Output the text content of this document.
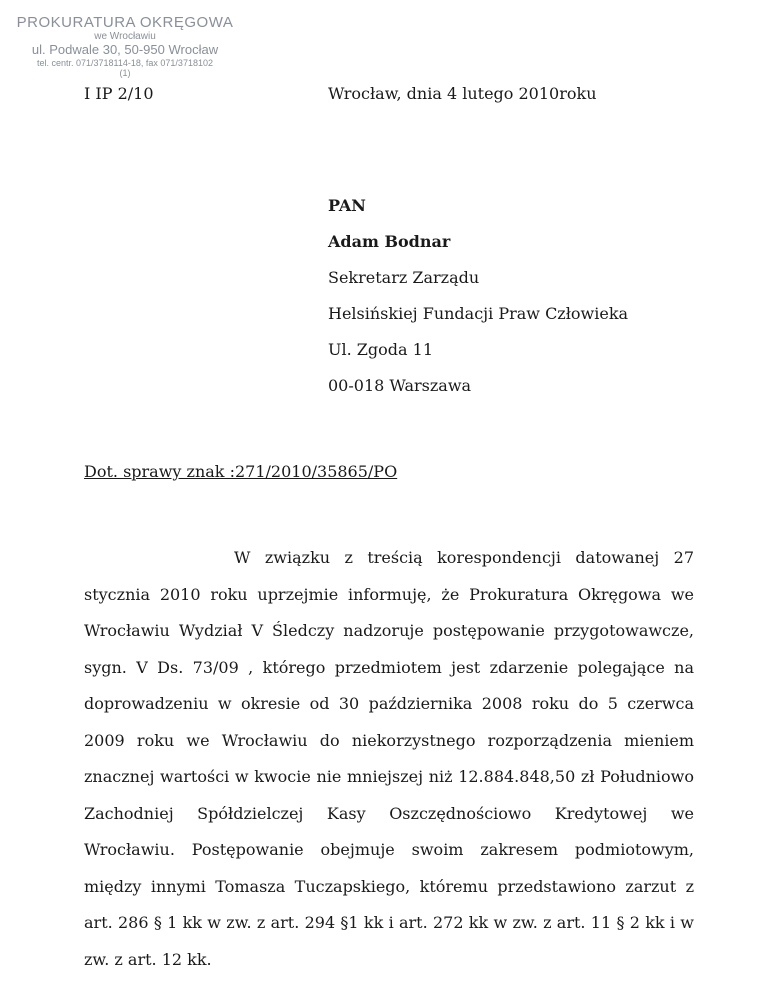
PROKURATURA OKRĘGOWA
we Wrocławiu
ul. Podwale 30, 50-950 Wrocław
tel. centr. 071/3718114-18, fax 071/3718102
(1)
I IP 2/10	Wrocław, dnia 4 lutego 2010roku
PAN
Adam Bodnar
Sekretarz Zarządu
Helsińskiej Fundacji Praw Człowieka
Ul. Zgoda 11
00-018 Warszawa
Dot. sprawy znak :271/2010/35865/PO

W związku z treścią korespondencji datowanej 27 stycznia 2010 roku uprzejmie informuję, że Prokuratura Okręgowa we Wrocławiu Wydział V Śledczy nadzoruje postępowanie przygotowawcze, sygn. V Ds. 73/09 , którego przedmiotem jest zdarzenie polegające na doprowadzeniu w okresie od 30 października 2008 roku do 5 czerwca 2009 roku we Wrocławiu do niekorzystnego rozporządzenia mieniem znacznej wartości w kwocie nie mniejszej niż 12.884.848,50 zł Południowo Zachodniej Spółdzielczej Kasy Oszczędnościowo Kredytowej we Wrocławiu. Postępowanie obejmuje swoim zakresem podmiotowym, między innymi Tomasza Tuczapskiego, któremu przedstawiono zarzut z art. 286 § 1 kk w zw. z art. 294 §1 kk i art. 272 kk w zw. z art. 11 § 2 kk i w zw. z art. 12 kk.
